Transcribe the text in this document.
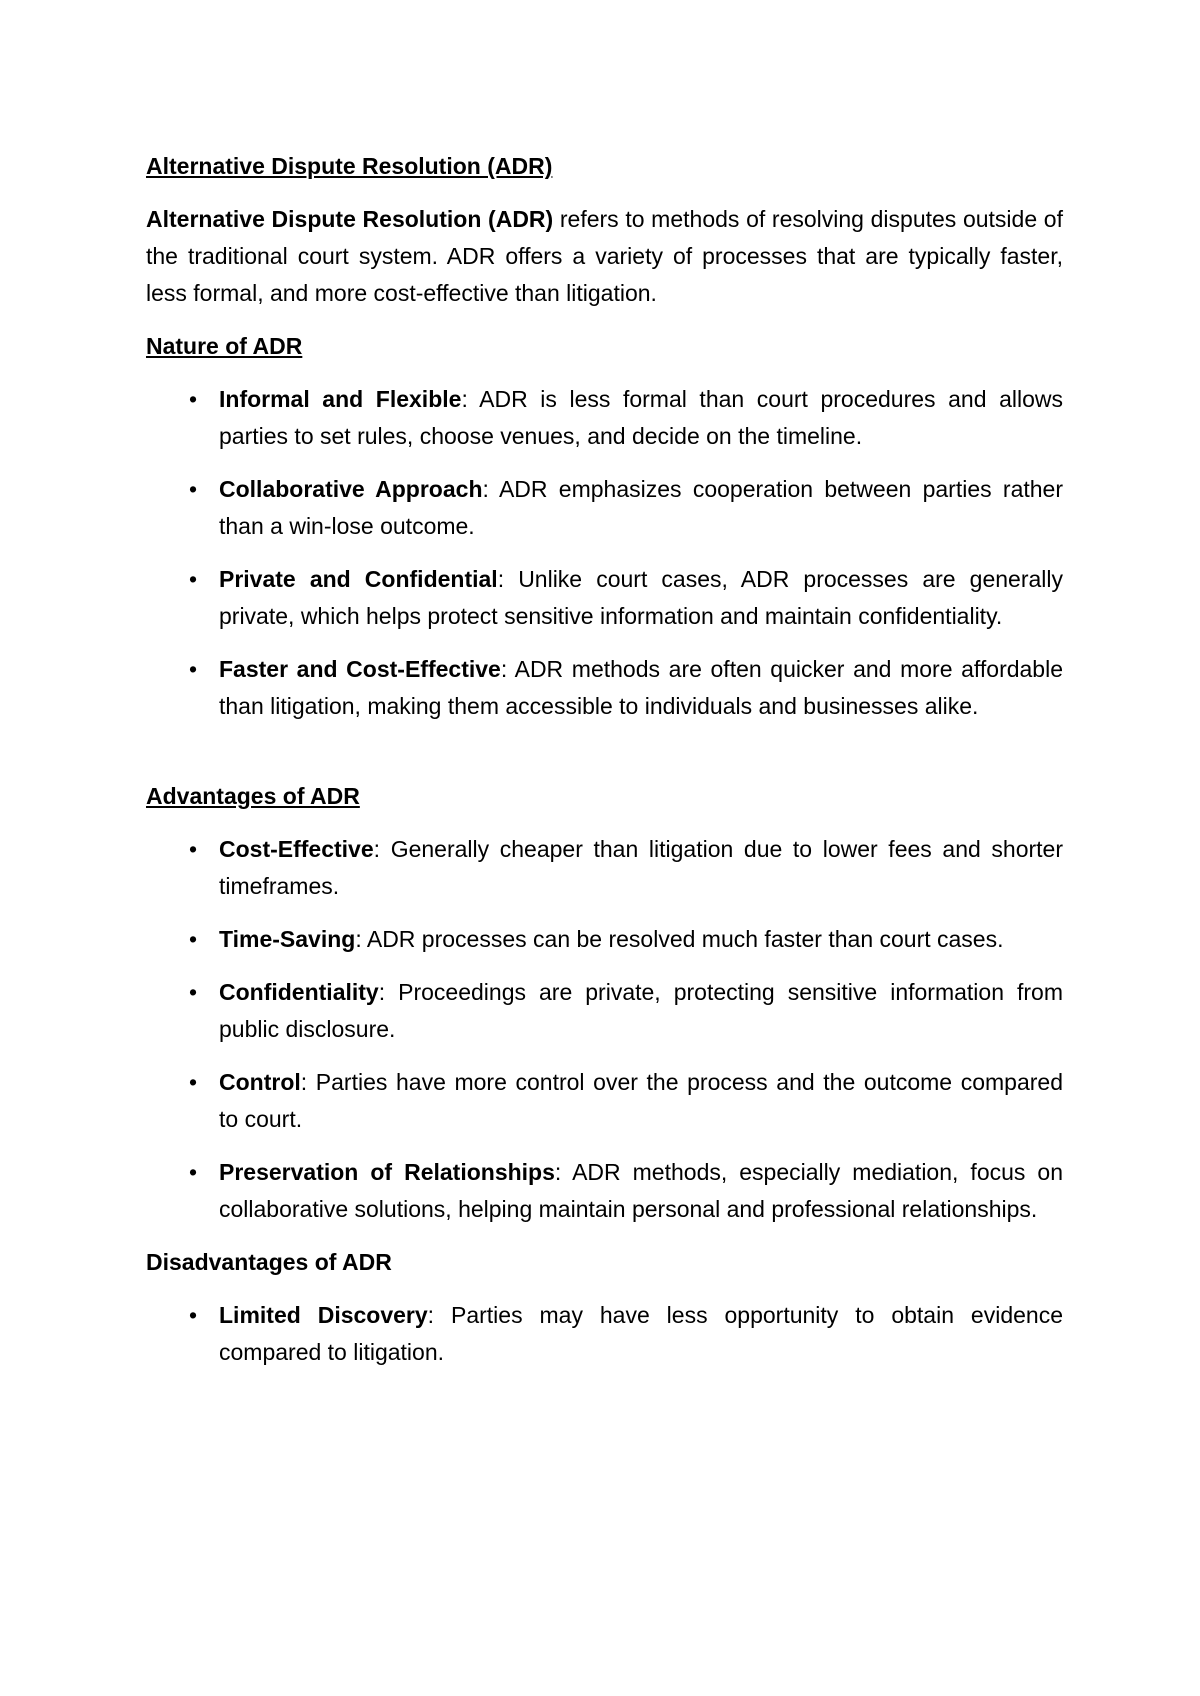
Alternative Dispute Resolution (ADR)
Alternative Dispute Resolution (ADR) refers to methods of resolving disputes outside of the traditional court system. ADR offers a variety of processes that are typically faster, less formal, and more cost-effective than litigation.
Nature of ADR
• Informal and Flexible: ADR is less formal than court procedures and allows parties to set rules, choose venues, and decide on the timeline.
• Collaborative Approach: ADR emphasizes cooperation between parties rather than a win-lose outcome.
• Private and Confidential: Unlike court cases, ADR processes are generally private, which helps protect sensitive information and maintain confidentiality.
• Faster and Cost-Effective: ADR methods are often quicker and more affordable than litigation, making them accessible to individuals and businesses alike.
Advantages of ADR
• Cost-Effective: Generally cheaper than litigation due to lower fees and shorter timeframes.
• Time-Saving: ADR processes can be resolved much faster than court cases.
• Confidentiality: Proceedings are private, protecting sensitive information from public disclosure.
• Control: Parties have more control over the process and the outcome compared to court.
• Preservation of Relationships: ADR methods, especially mediation, focus on collaborative solutions, helping maintain personal and professional relationships.
Disadvantages of ADR
• Limited Discovery: Parties may have less opportunity to obtain evidence compared to litigation.
